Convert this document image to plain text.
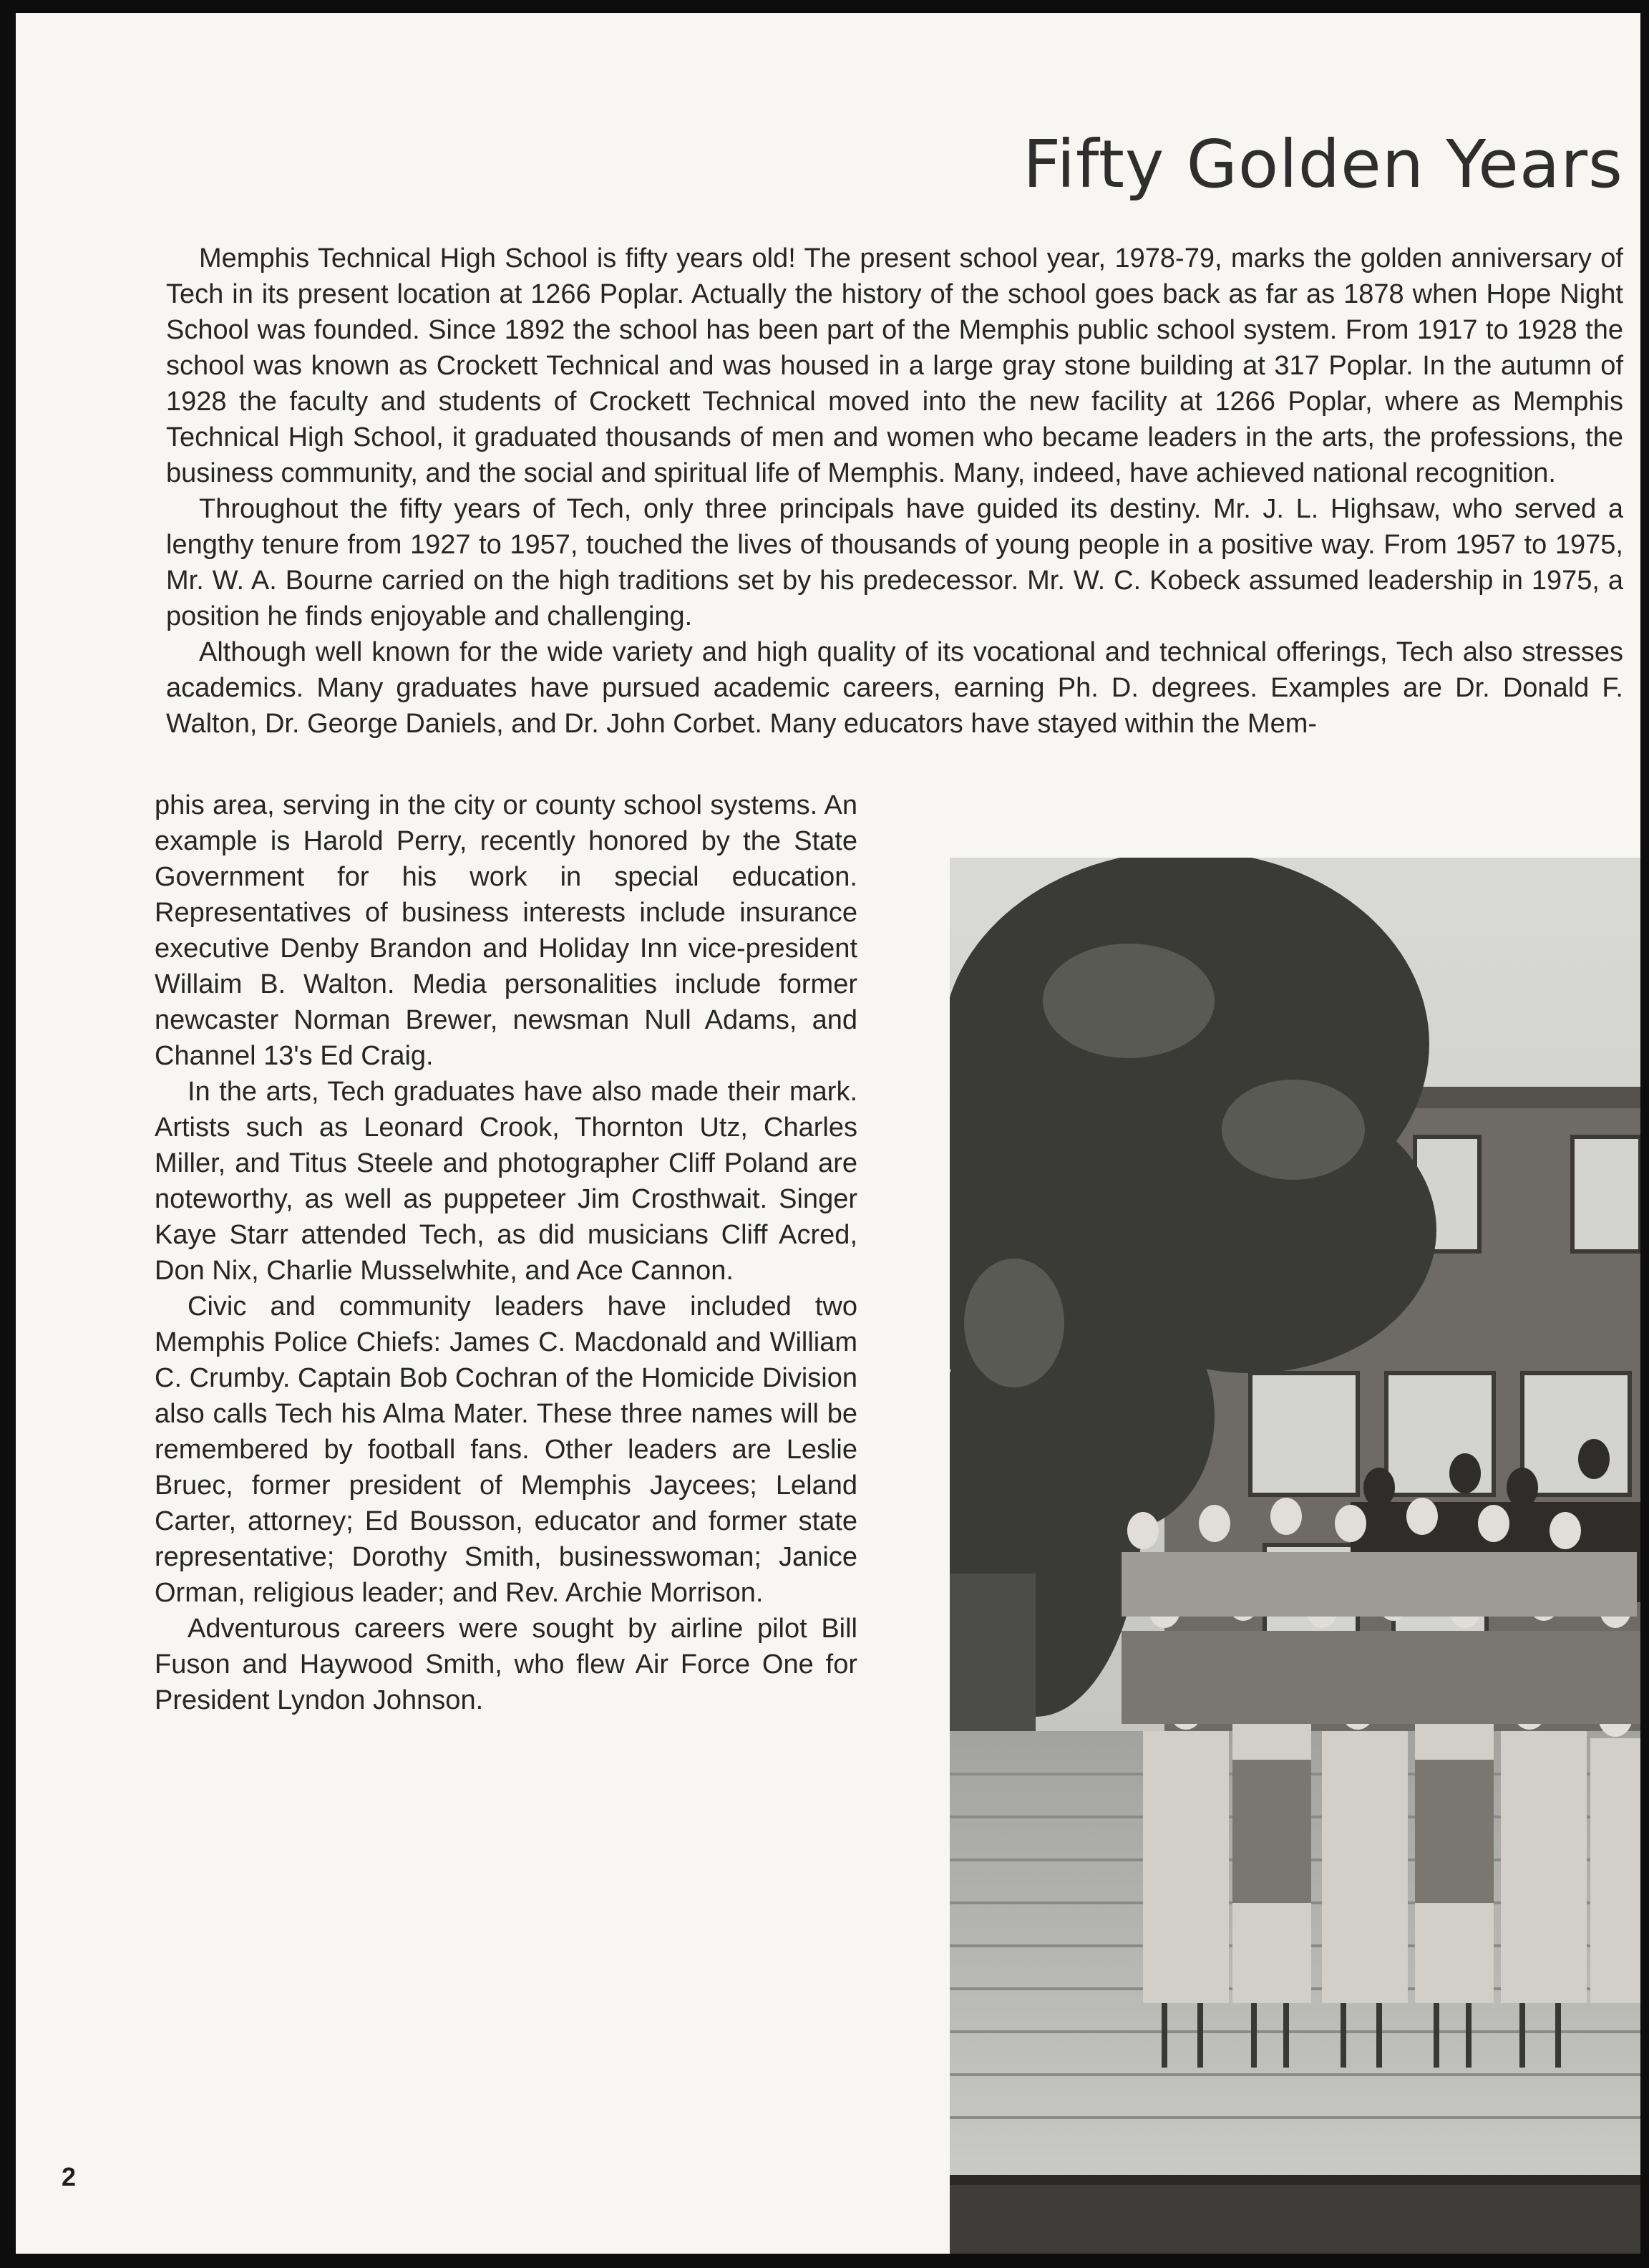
Fifty Golden Years

Memphis Technical High School is fifty years old! The present school year, 1978-79, marks the golden anniversary of Tech in its present location at 1266 Poplar. Actually the history of the school goes back as far as 1878 when Hope Night School was founded. Since 1892 the school has been part of the Memphis public school system. From 1917 to 1928 the school was known as Crockett Technical and was housed in a large gray stone building at 317 Poplar. In the autumn of 1928 the faculty and students of Crockett Technical moved into the new facility at 1266 Poplar, where as Memphis Technical High School, it graduated thousands of men and women who became leaders in the arts, the professions, the business community, and the social and spiritual life of Memphis. Many, indeed, have achieved national recognition.

Throughout the fifty years of Tech, only three principals have guided its destiny. Mr. J. L. Highsaw, who served a lengthy tenure from 1927 to 1957, touched the lives of thousands of young people in a positive way. From 1957 to 1975, Mr. W. A. Bourne carried on the high traditions set by his predecessor. Mr. W. C. Kobeck assumed leadership in 1975, a position he finds enjoyable and challenging.

Although well known for the wide variety and high quality of its vocational and technical offerings, Tech also stresses academics. Many graduates have pursued academic careers, earning Ph. D. degrees. Examples are Dr. Donald F. Walton, Dr. George Daniels, and Dr. John Corbet. Many educators have stayed within the Mem-

phis area, serving in the city or county school systems. An example is Harold Perry, recently honored by the State Government for his work in special education. Representatives of business interests include insurance executive Denby Brandon and Holiday Inn vice-president Willaim B. Walton. Media personalities include former newcaster Norman Brewer, newsman Null Adams, and Channel 13's Ed Craig.

In the arts, Tech graduates have also made their mark. Artists such as Leonard Crook, Thornton Utz, Charles Miller, and Titus Steele and photographer Cliff Poland are noteworthy, as well as puppeteer Jim Crosthwait. Singer Kaye Starr attended Tech, as did musicians Cliff Acred, Don Nix, Charlie Musselwhite, and Ace Cannon.

Civic and community leaders have included two Memphis Police Chiefs: James C. Macdonald and William C. Crumby. Captain Bob Cochran of the Homicide Division also calls Tech his Alma Mater. These three names will be remembered by football fans. Other leaders are Leslie Bruec, former president of Memphis Jaycees; Leland Carter, attorney; Ed Bousson, educator and former state representative; Dorothy Smith, businesswoman; Janice Orman, religious leader; and Rev. Archie Morrison.

Adventurous careers were sought by airline pilot Bill Fuson and Haywood Smith, who flew Air Force One for President Lyndon Johnson.

2
